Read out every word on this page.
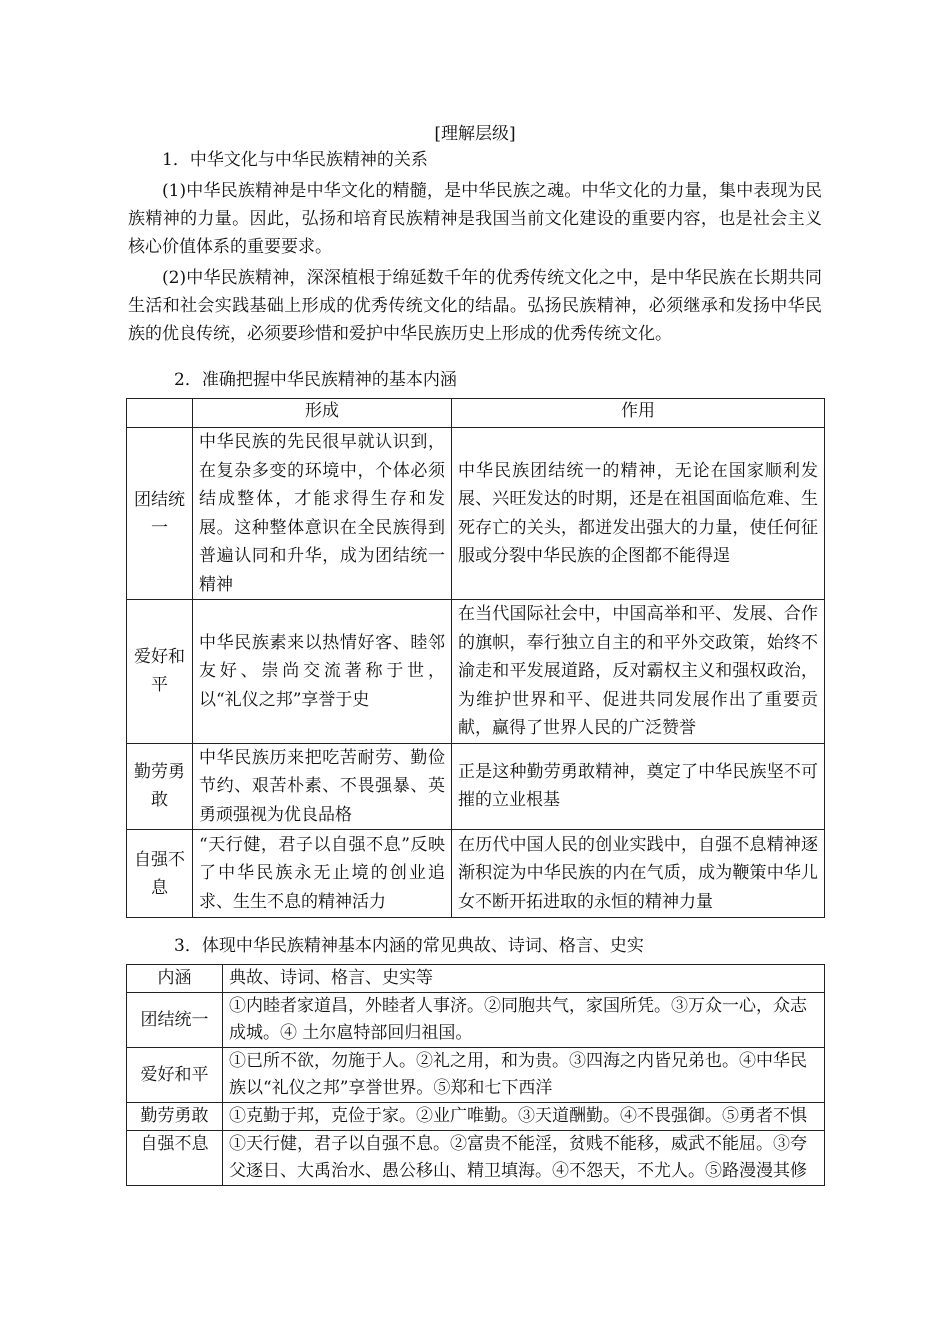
[理解层级]

1．中华文化与中华民族精神的关系

(1)中华民族精神是中华文化的精髓，是中华民族之魂。中华文化的力量，集中表现为民族精神的力量。因此，弘扬和培育民族精神是我国当前文化建设的重要内容，也是社会主义核心价值体系的重要要求。

(2)中华民族精神，深深植根于绵延数千年的优秀传统文化之中，是中华民族在长期共同生活和社会实践基础上形成的优秀传统文化的结晶。弘扬民族精神，必须继承和发扬中华民族的优良传统，必须要珍惜和爱护中华民族历史上形成的优秀传统文化。

2．准确把握中华民族精神的基本内涵
	形成	作用
团结统一	中华民族的先民很早就认识到，在复杂多变的环境中，个体必须结成整体，才能求得生存和发展。这种整体意识在全民族得到普遍认同和升华，成为团结统一精神	中华民族团结统一的精神，无论在国家顺利发展、兴旺发达的时期，还是在祖国面临危难、生死存亡的关头，都迸发出强大的力量，使任何征服或分裂中华民族的企图都不能得逞
爱好和平	中华民族素来以热情好客、睦邻友好、崇尚交流著称于世，以“礼仪之邦”享誉于史	在当代国际社会中，中国高举和平、发展、合作的旗帜，奉行独立自主的和平外交政策，始终不渝走和平发展道路，反对霸权主义和强权政治，为维护世界和平、促进共同发展作出了重要贡献，赢得了世界人民的广泛赞誉
勤劳勇敢	中华民族历来把吃苦耐劳、勤俭节约、艰苦朴素、不畏强暴、英勇顽强视为优良品格	正是这种勤劳勇敢精神，奠定了中华民族坚不可摧的立业根基
自强不息	“天行健，君子以自强不息”反映了中华民族永无止境的创业追求、生生不息的精神活力	在历代中国人民的创业实践中，自强不息精神逐渐积淀为中华民族的内在气质，成为鞭策中华儿女不断开拓进取的永恒的精神力量
3．体现中华民族精神基本内涵的常见典故、诗词、格言、史实
内涵	典故、诗词、格言、史实等
团结统一	①内睦者家道昌，外睦者人事济。②同胞共气，家国所凭。③万众一心，众志成城。④ 土尔扈特部回归祖国。
爱好和平	①已所不欲，勿施于人。②礼之用，和为贵。③四海之内皆兄弟也。④中华民族以“礼仪之邦”享誉世界。⑤郑和七下西洋
勤劳勇敢	①克勤于邦，克俭于家。②业广唯勤。③天道酬勤。④不畏强御。⑤勇者不惧
自强不息	①天行健，君子以自强不息。②富贵不能淫，贫贱不能移，威武不能屈。③夸父逐日、大禹治水、愚公移山、精卫填海。④不怨天，不尤人。⑤路漫漫其修
